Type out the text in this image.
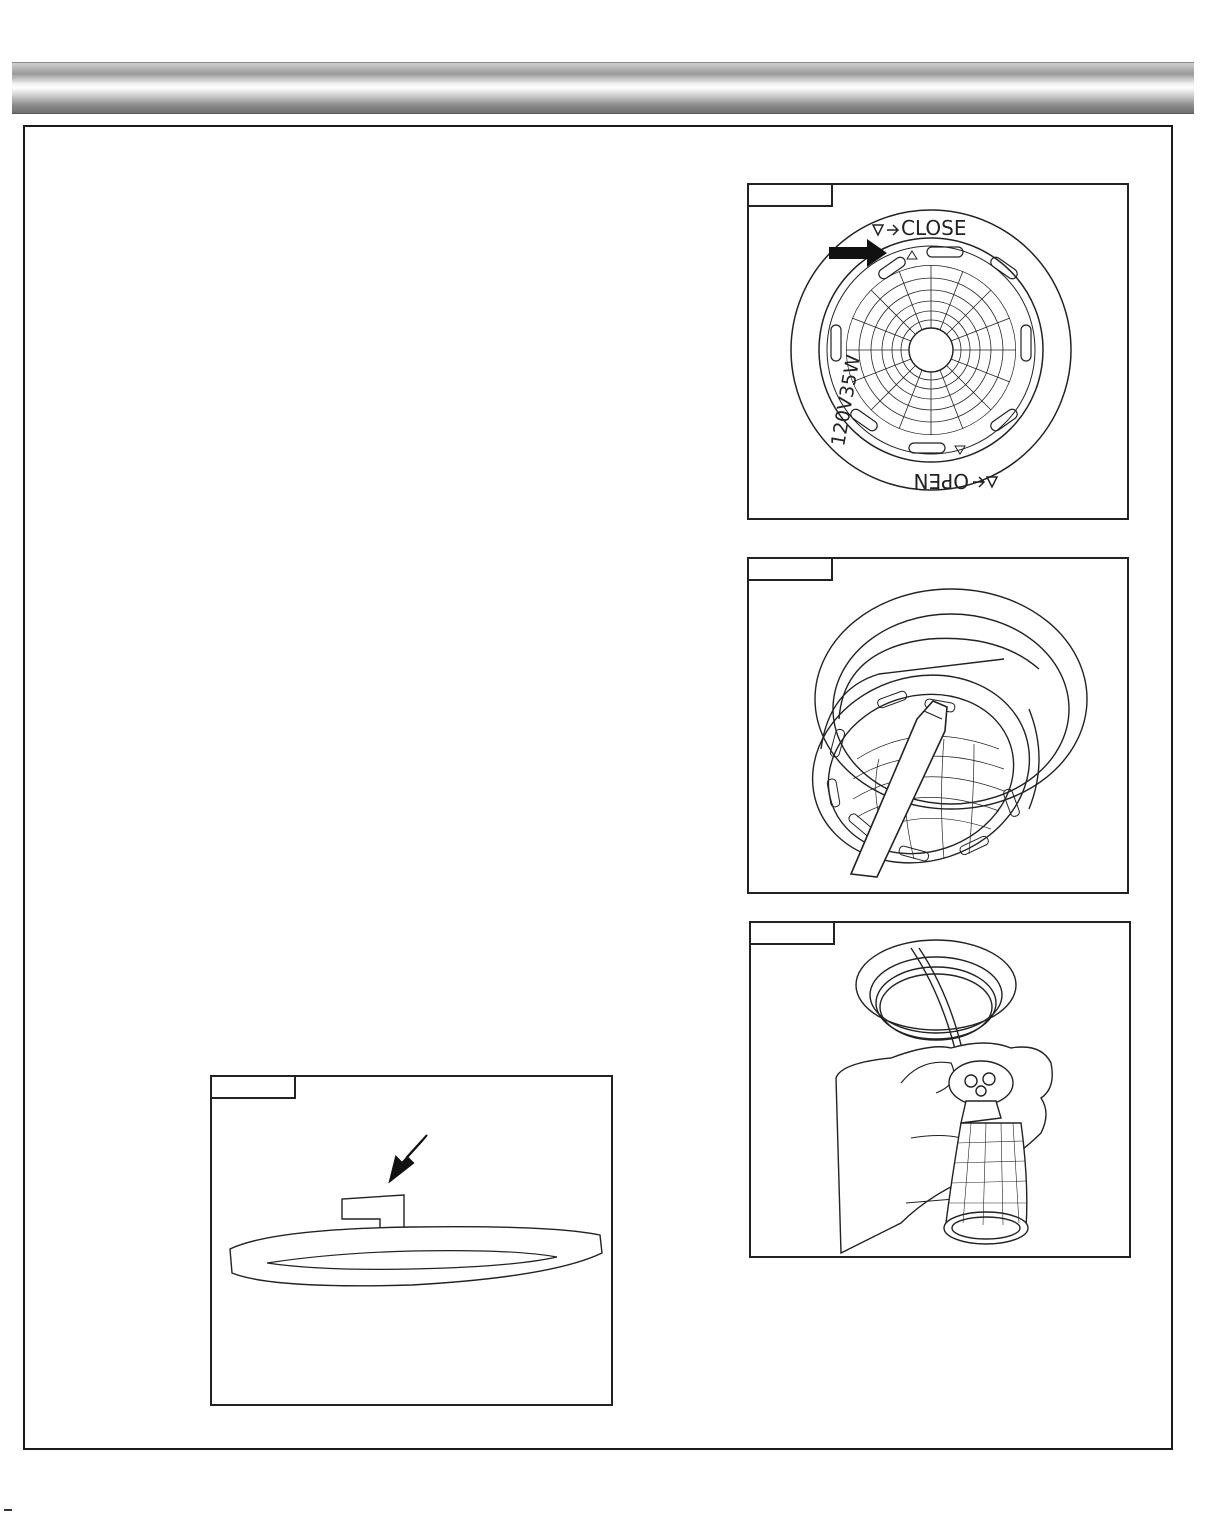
CLOSE
120V35W
OPEN
